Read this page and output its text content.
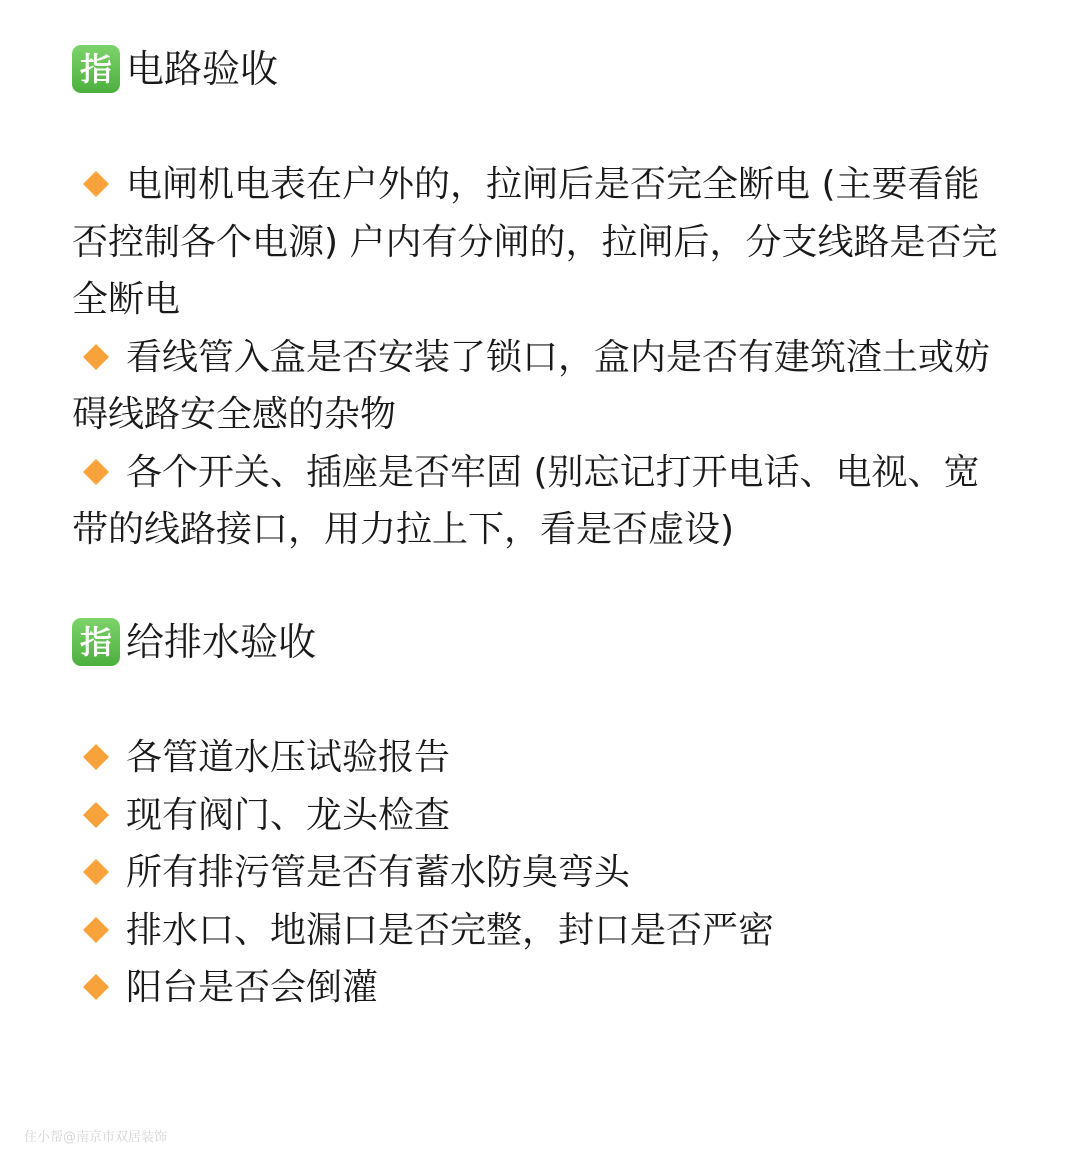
指 电路验收

电闸机电表在户外的，拉闸后是否完全断电 (主要看能否控制各个电源) 户内有分闸的，拉闸后，分支线路是否完全断电

看线管入盒是否安装了锁口，盒内是否有建筑渣土或妨碍线路安全感的杂物

各个开关、插座是否牢固 (别忘记打开电话、电视、宽带的线路接口，用力拉上下，看是否虚设)

指 给排水验收

各管道水压试验报告

现有阀门、龙头检查

所有排污管是否有蓄水防臭弯头

排水口、地漏口是否完整，封口是否严密

阳台是否会倒灌

住小帮@南京市双居装饰
